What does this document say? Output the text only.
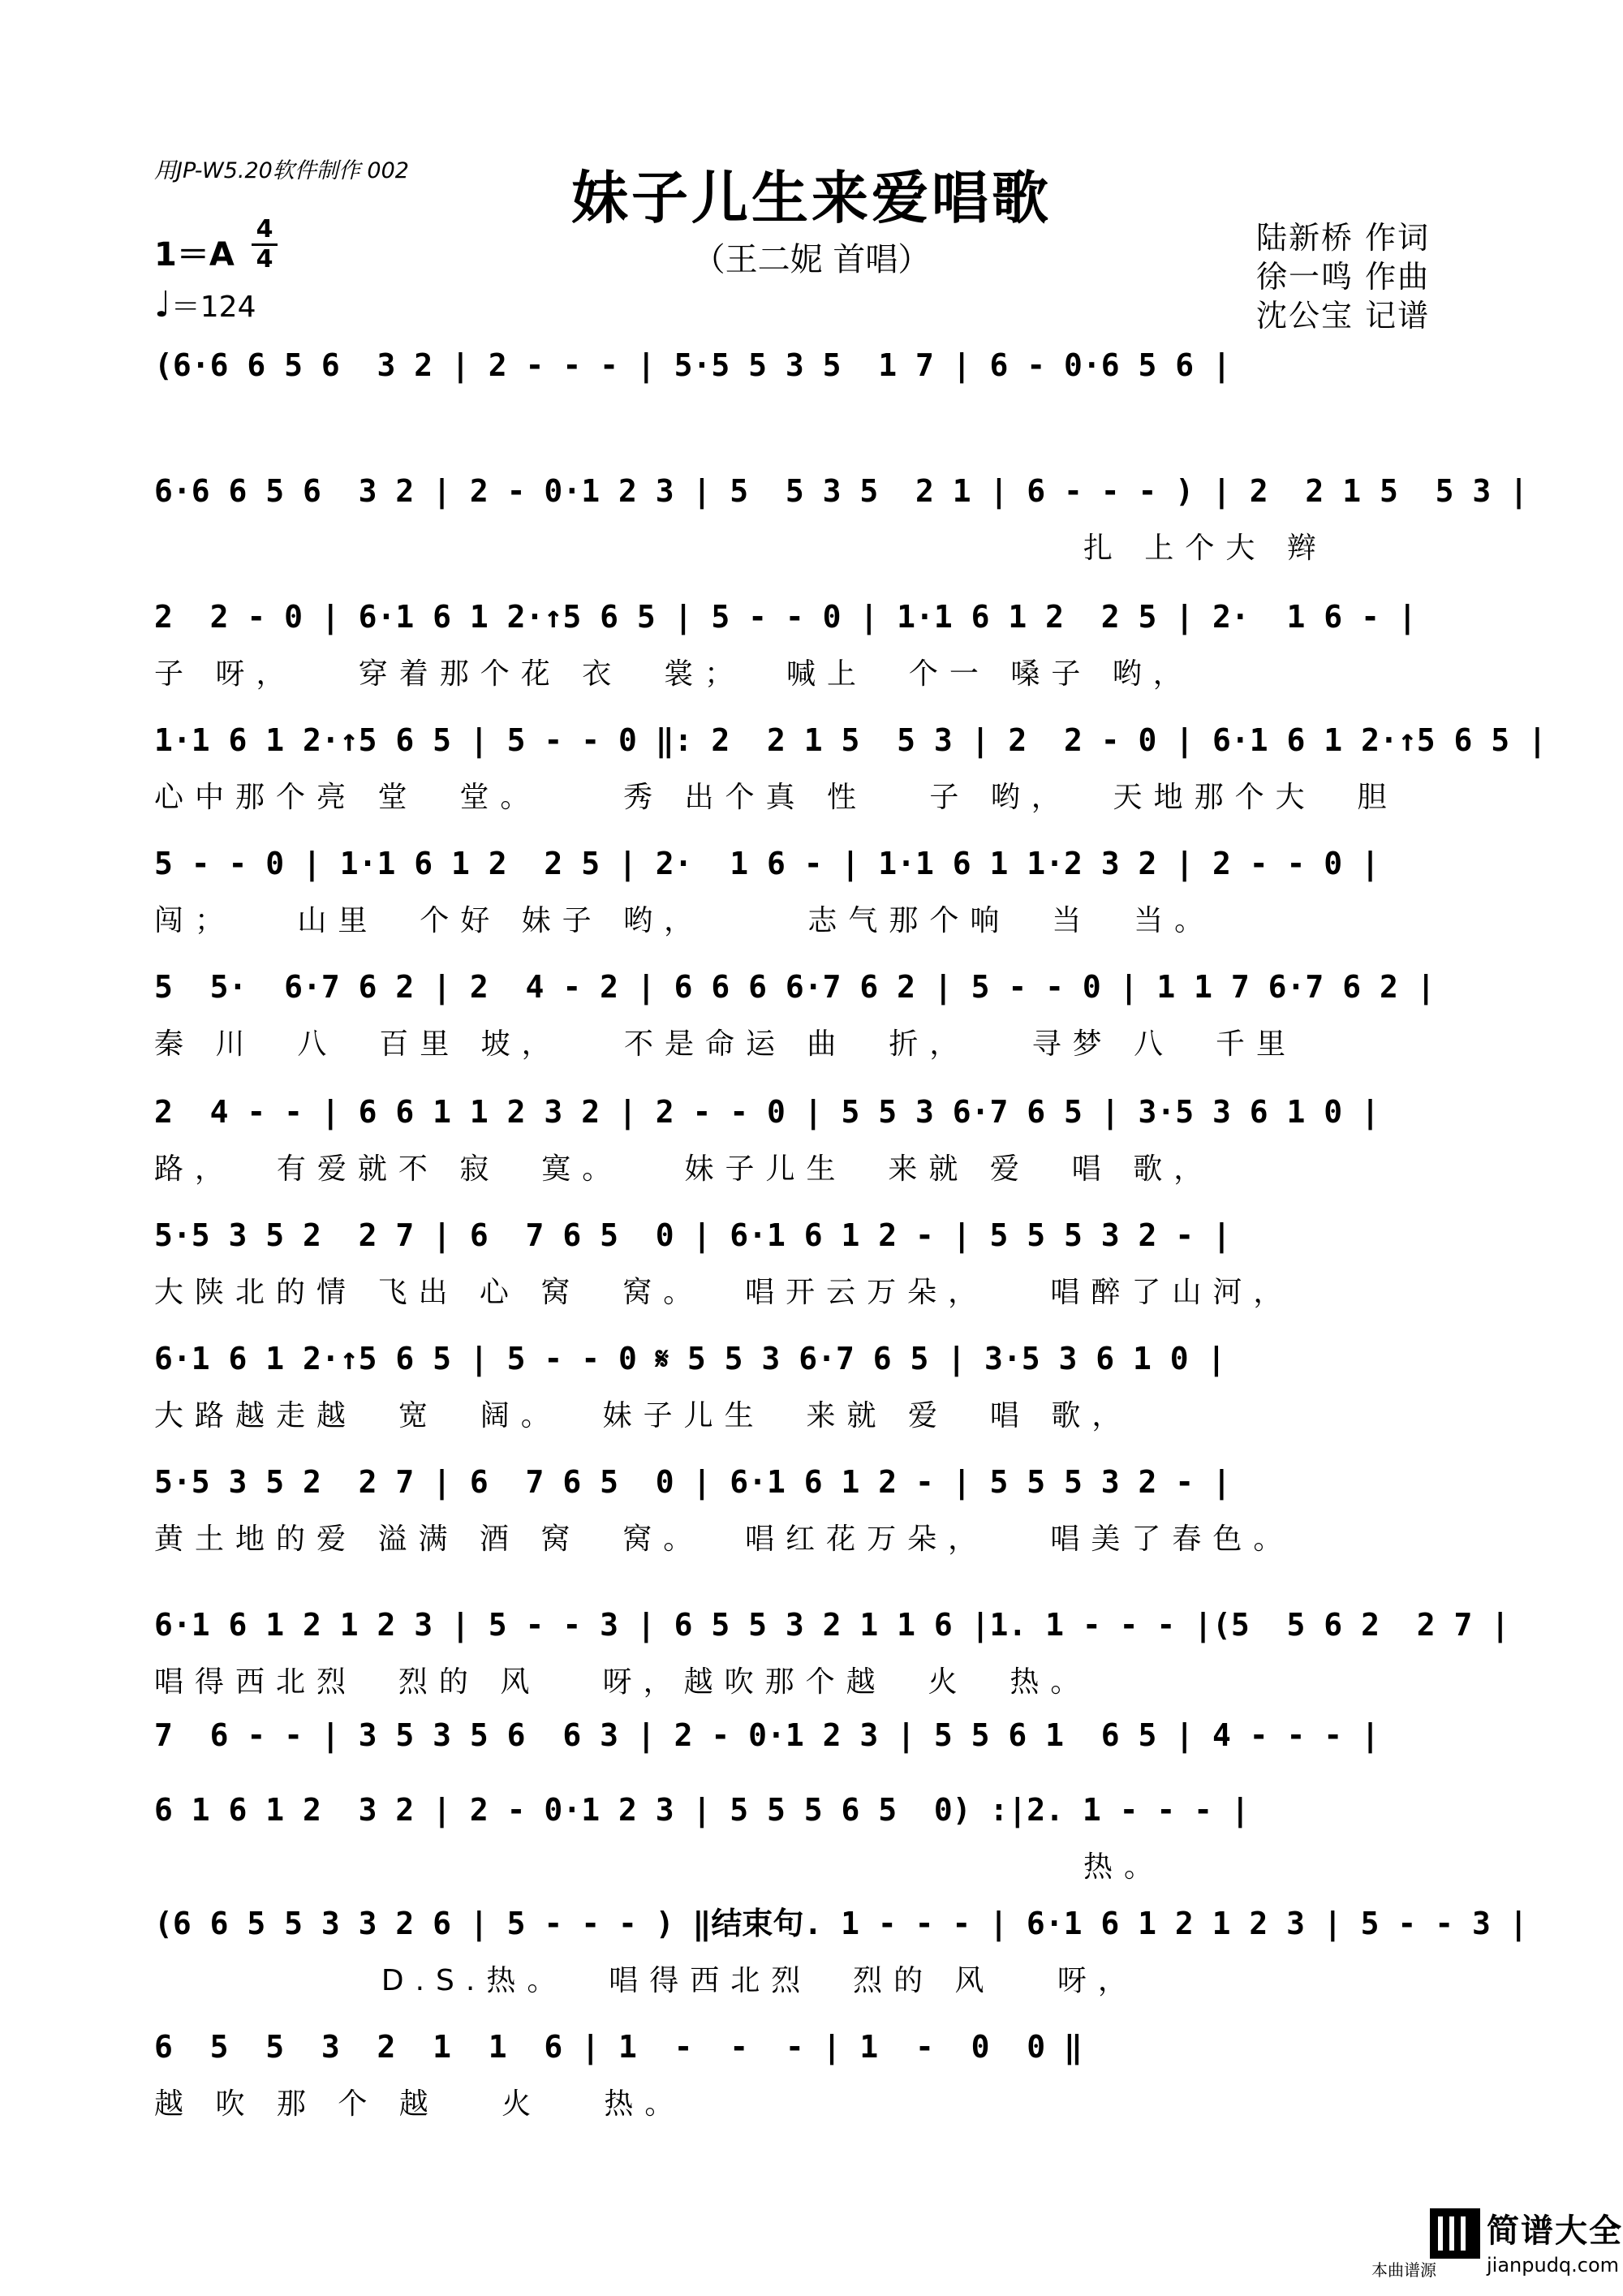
用JP-W5.20软件制作 002	妹子儿生来爱唱歌
（王二妮 首唱）
陆新桥 作词
徐一鸣 作曲
沈公宝 记谱
1＝A
4
4
♩＝124
(6·6 6 5 6  3 2 | 2 - - - | 5·5 5 3 5  1 7 | 6 - 0·6 5 6 |
6·6 6 5 6  3 2 | 2 - 0·1 2 3 | 5  5 3 5  2 1 | 6 - - - ) | 2  2 1 5  5 3 |
扎 上个大 辫
2  2 - 0 | 6·1 6 1 2·↑5 6 5 | 5 - - 0 | 1·1 6 1 2  2 5 | 2·  1 6 - |
子 呀，   穿着那个花 衣  裳；  喊上  个一 嗓子 哟，
1·1 6 1 2·↑5 6 5 | 5 - - 0 ‖: 2  2 1 5  5 3 | 2  2 - 0 | 6·1 6 1 2·↑5 6 5 |
心中那个亮 堂  堂。    秀 出个真 性   子 哟，  天地那个大  胆
5 - - 0 | 1·1 6 1 2  2 5 | 2·  1 6 - | 1·1 6 1 1·2 3 2 | 2 - - 0 |
闯；   山里  个好 妹子 哟，     志气那个响  当  当。
5  5·  6·7 6 2 | 2  4 - 2 | 6 6 6 6·7 6 2 | 5 - - 0 | 1 1 7 6·7 6 2 |
秦 川  八  百里 坡，   不是命运 曲  折，   寻梦 八  千里
2  4 - - | 6 6 1 1 2 3 2 | 2 - - 0 | 5 5 3 6·7 6 5 | 3·5 3 6 1 0 |
路，  有爱就不 寂  寞。   妹子儿生  来就 爱  唱 歌，
5·5 3 5 2  2 7 | 6  7 6 5  0 | 6·1 6 1 2 - | 5 5 5 3 2 - |
大陕北的情 飞出 心 窝  窝。  唱开云万朵，   唱醉了山河，
6·1 6 1 2·↑5 6 5 | 5 - - 0 𝄋 5 5 3 6·7 6 5 | 3·5 3 6 1 0 |
大路越走越  宽  阔。  妹子儿生  来就 爱  唱 歌，
5·5 3 5 2  2 7 | 6  7 6 5  0 | 6·1 6 1 2 - | 5 5 5 3 2 - |
黄土地的爱 溢满 酒 窝  窝。  唱红花万朵，   唱美了春色。
6·1 6 1 2 1 2 3 | 5 - - 3 | 6 5 5 3 2 1 1 6 |1. 1 - - - |(5  5 6 2  2 7 |
唱得西北烈  烈的 风   呀，越吹那个越  火  热。
7  6 - - | 3 5 3 5 6  6 3 | 2 - 0·1 2 3 | 5 5 6 1  6 5 | 4 - - - |
6 1 6 1 2  3 2 | 2 - 0·1 2 3 | 5 5 5 6 5  0) :|2. 1 - - - |
热。
(6 6 5 5 3 3 2 6 | 5 - - - ) ‖结束句. 1 - - - | 6·1 6 1 2 1 2 3 | 5 - - 3 |
D.S.热。  唱得西北烈  烈的 风   呀，
6  5  5  3  2  1  1  6 | 1  -  -  - | 1  -  0  0 ‖
越 吹 那 个 越   火   热。
本曲谱源
简谱大全
jianpudq.com
